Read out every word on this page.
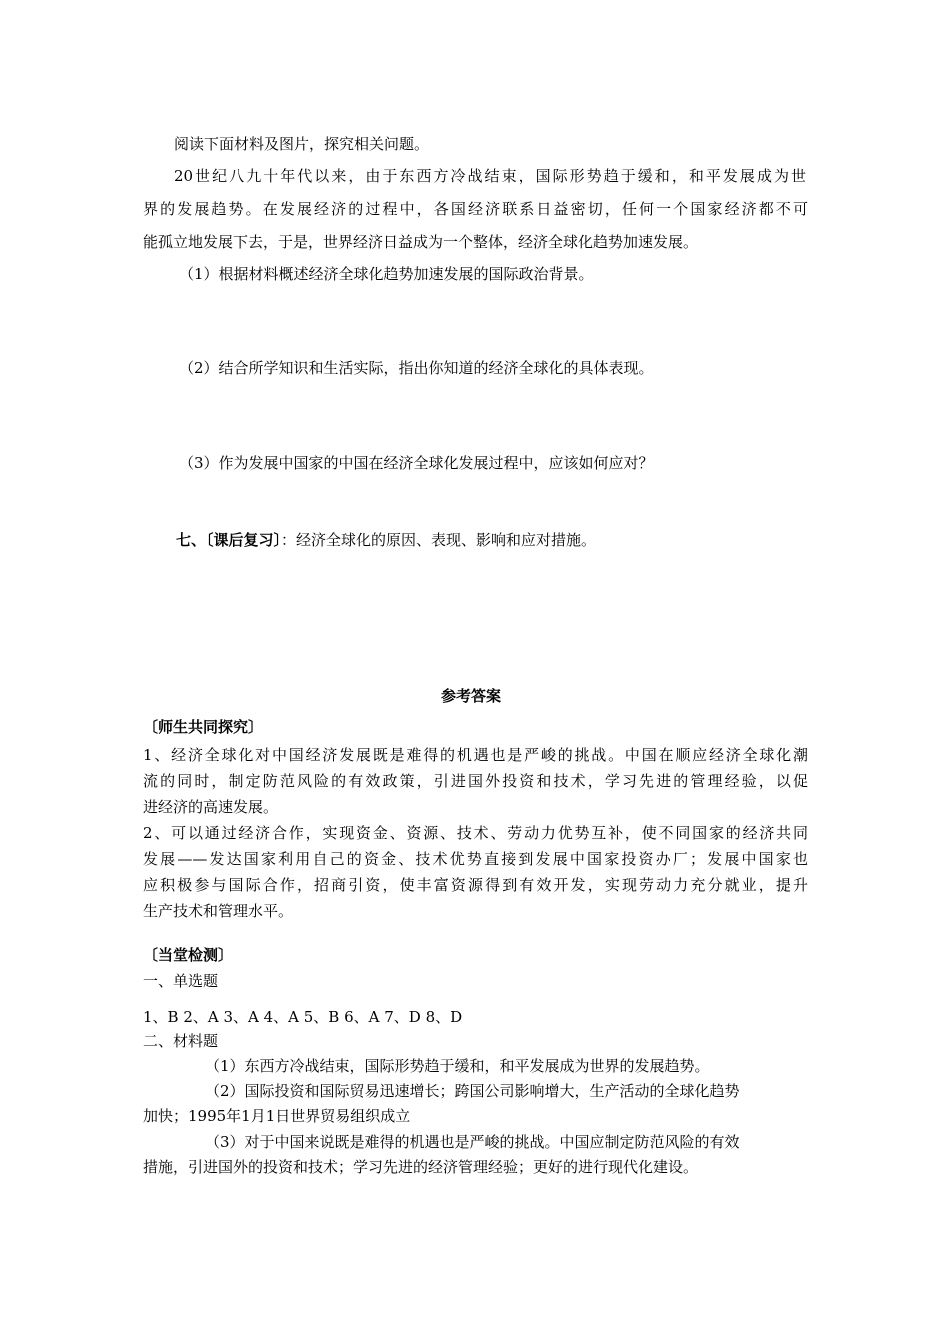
阅读下面材料及图片，探究相关问题。
20世纪八九十年代以来，由于东西方冷战结束，国际形势趋于缓和，和平发展成为世
界的发展趋势。在发展经济的过程中，各国经济联系日益密切，任何一个国家经济都不可
能孤立地发展下去，于是，世界经济日益成为一个整体，经济全球化趋势加速发展。
（1）根据材料概述经济全球化趋势加速发展的国际政治背景。
（2）结合所学知识和生活实际，指出你知道的经济全球化的具体表现。
（3）作为发展中国家的中国在经济全球化发展过程中，应该如何应对？
七、〔课后复习〕：经济全球化的原因、表现、影响和应对措施。
参考答案
〔师生共同探究〕
1、经济全球化对中国经济发展既是难得的机遇也是严峻的挑战。中国在顺应经济全球化潮
流的同时，制定防范风险的有效政策，引进国外投资和技术，学习先进的管理经验，以促
进经济的高速发展。
2、可以通过经济合作，实现资金、资源、技术、劳动力优势互补，使不同国家的经济共同
发展——发达国家利用自己的资金、技术优势直接到发展中国家投资办厂；发展中国家也
应积极参与国际合作，招商引资，使丰富资源得到有效开发，实现劳动力充分就业，提升
生产技术和管理水平。
〔当堂检测〕
一、单选题
1、B 2、A 3、A 4、A 5、B 6、A 7、D 8、D
二、材料题
（1）东西方冷战结束，国际形势趋于缓和，和平发展成为世界的发展趋势。
（2）国际投资和国际贸易迅速增长；跨国公司影响增大，生产活动的全球化趋势
加快；1995年1月1日世界贸易组织成立
（3）对于中国来说既是难得的机遇也是严峻的挑战。中国应制定防范风险的有效
措施，引进国外的投资和技术；学习先进的经济管理经验；更好的进行现代化建设。
